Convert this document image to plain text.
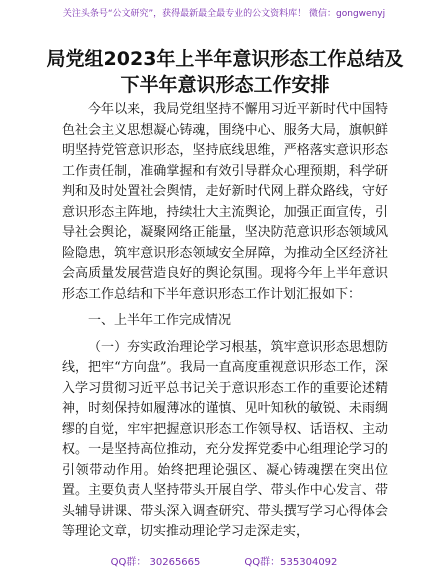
关注头条号“公文研究”，获得最新最全最专业的公文资料库！ 微信：gongwenyj
局党组2023年上半年意识形态工作总结及下半年意识形态工作安排

今年以来，我局党组坚持不懈用习近平新时代中国特色社会主义思想凝心铸魂，围绕中心、服务大局，旗帜鲜明坚持党管意识形态，坚持底线思维，严格落实意识形态工作责任制，准确掌握和有效引导群众心理预期，科学研判和及时处置社会舆情，走好新时代网上群众路线，守好意识形态主阵地，持续壮大主流舆论，加强正面宣传，引导社会舆论，凝聚网络正能量，坚决防范意识形态领域风险隐患，筑牢意识形态领域安全屏障，为推动全区经济社会高质量发展营造良好的舆论氛围。现将今年上半年意识形态工作总结和下半年意识形态工作计划汇报如下：

一、上半年工作完成情况

（一）夯实政治理论学习根基，筑牢意识形态思想防线，把牢“方向盘”。我局一直高度重视意识形态工作，深入学习贯彻习近平总书记关于意识形态工作的重要论述精神，时刻保持如履薄冰的谨慎、见叶知秋的敏锐、未雨绸缪的自觉，牢牢把握意识形态工作领导权、话语权、主动权。一是坚持高位推动，充分发挥党委中心组理论学习的引领带动作用。始终把理论强区、凝心铸魂摆在突出位置。主要负责人坚持带头开展自学、带头作中心发言、带头辅导讲课、带头深入调查研究、带头撰写学习心得体会等理论文章，切实推动理论学习走深走实，

QQ群： 30265665	QQ群：535304092
